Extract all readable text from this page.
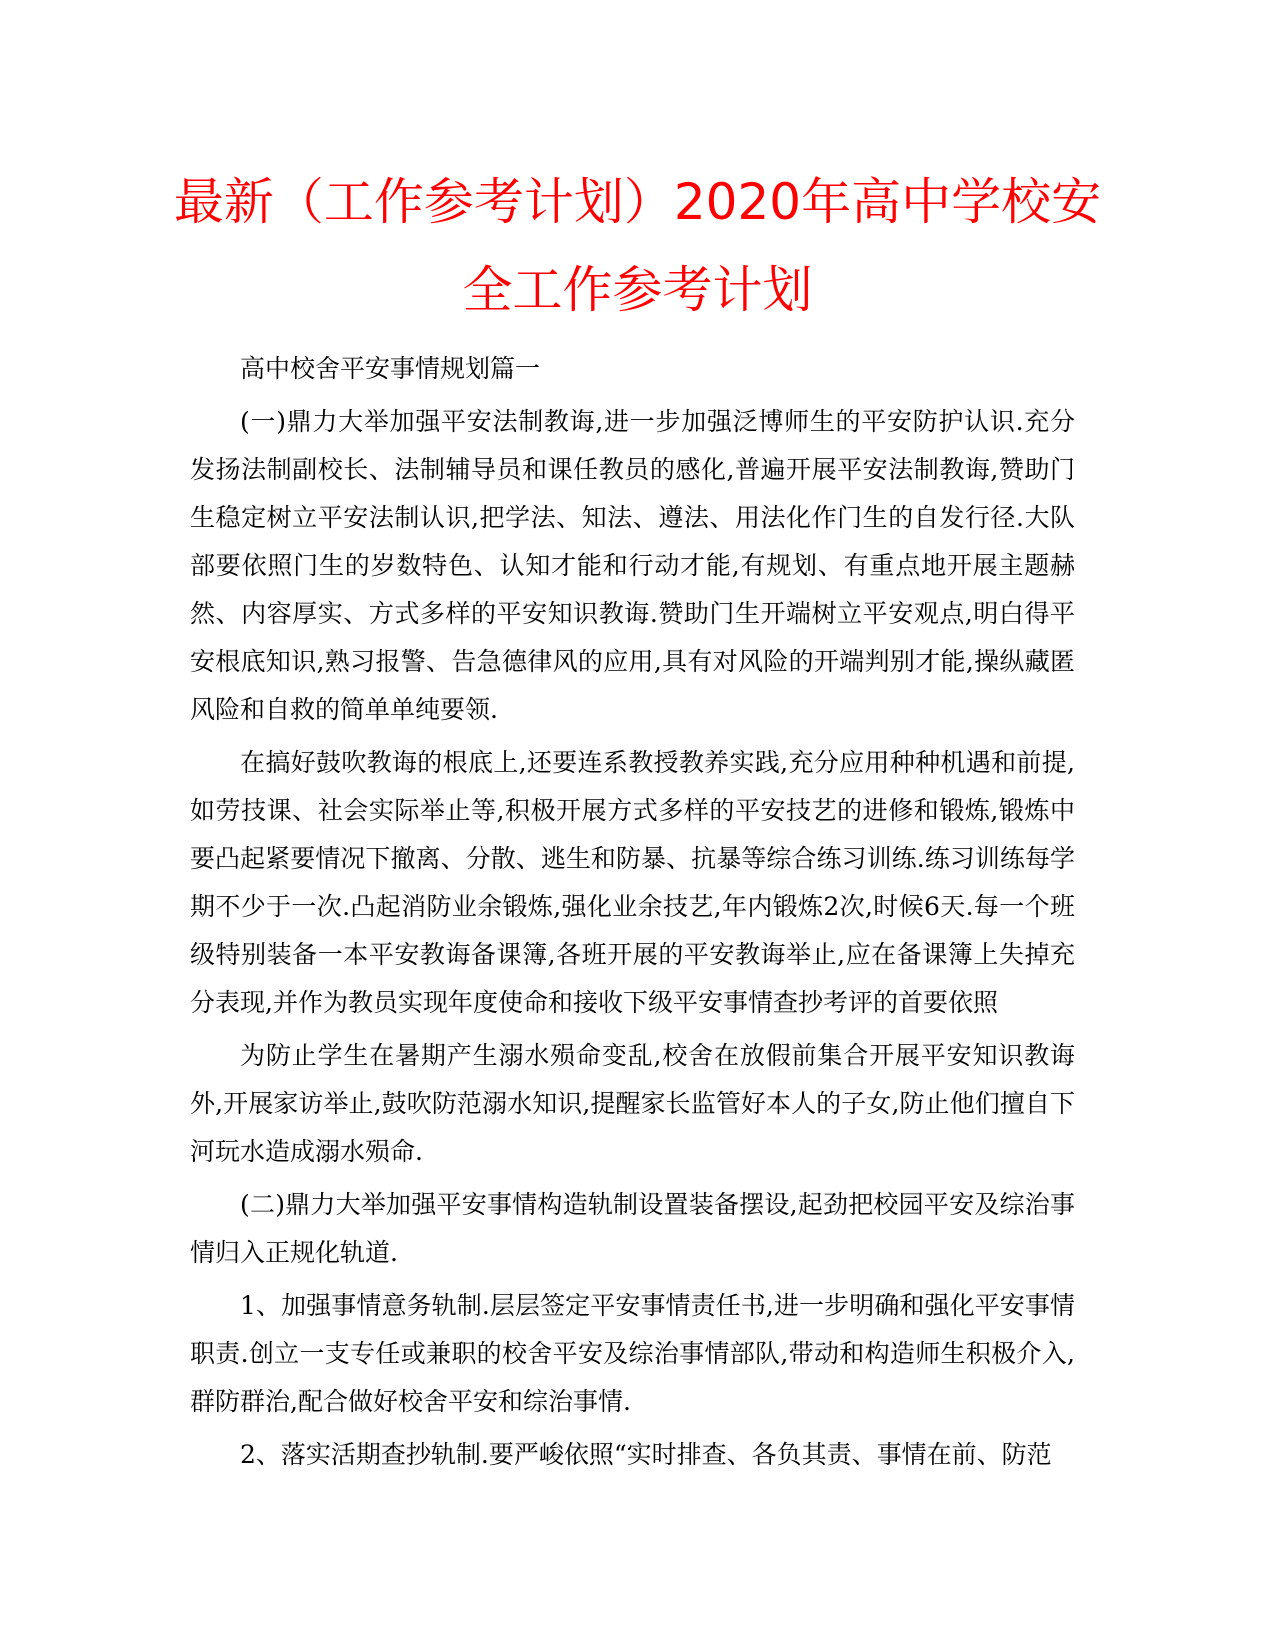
最新（工作参考计划）2020年高中学校安全工作参考计划

高中校舍平安事情规划篇一

(一)鼎力大举加强平安法制教诲,进一步加强泛博师生的平安防护认识.充分发扬法制副校长、法制辅导员和课任教员的感化,普遍开展平安法制教诲,赞助门生稳定树立平安法制认识,把学法、知法、遵法、用法化作门生的自发行径.大队部要依照门生的岁数特色、认知才能和行动才能,有规划、有重点地开展主题赫然、内容厚实、方式多样的平安知识教诲.赞助门生开端树立平安观点,明白得平安根底知识,熟习报警、告急德律风的应用,具有对风险的开端判别才能,操纵藏匿风险和自救的简单单纯要领.

在搞好鼓吹教诲的根底上,还要连系教授教养实践,充分应用种种机遇和前提,如劳技课、社会实际举止等,积极开展方式多样的平安技艺的进修和锻炼,锻炼中要凸起紧要情况下撤离、分散、逃生和防暴、抗暴等综合练习训练.练习训练每学期不少于一次.凸起消防业余锻炼,强化业余技艺,年内锻炼2次,时候6天.每一个班级特别装备一本平安教诲备课簿,各班开展的平安教诲举止,应在备课簿上失掉充分表现,并作为教员实现年度使命和接收下级平安事情查抄考评的首要依照

为防止学生在暑期产生溺水殒命变乱,校舍在放假前集合开展平安知识教诲外,开展家访举止,鼓吹防范溺水知识,提醒家长监管好本人的子女,防止他们擅自下河玩水造成溺水殒命.

(二)鼎力大举加强平安事情构造轨制设置装备摆设,起劲把校园平安及综治事情归入正规化轨道.

1、加强事情意务轨制.层层签定平安事情责任书,进一步明确和强化平安事情职责.创立一支专任或兼职的校舍平安及综治事情部队,带动和构造师生积极介入,群防群治,配合做好校舍平安和综治事情.

2、落实活期查抄轨制.要严峻依照“实时排查、各负其责、事情在前、防范
